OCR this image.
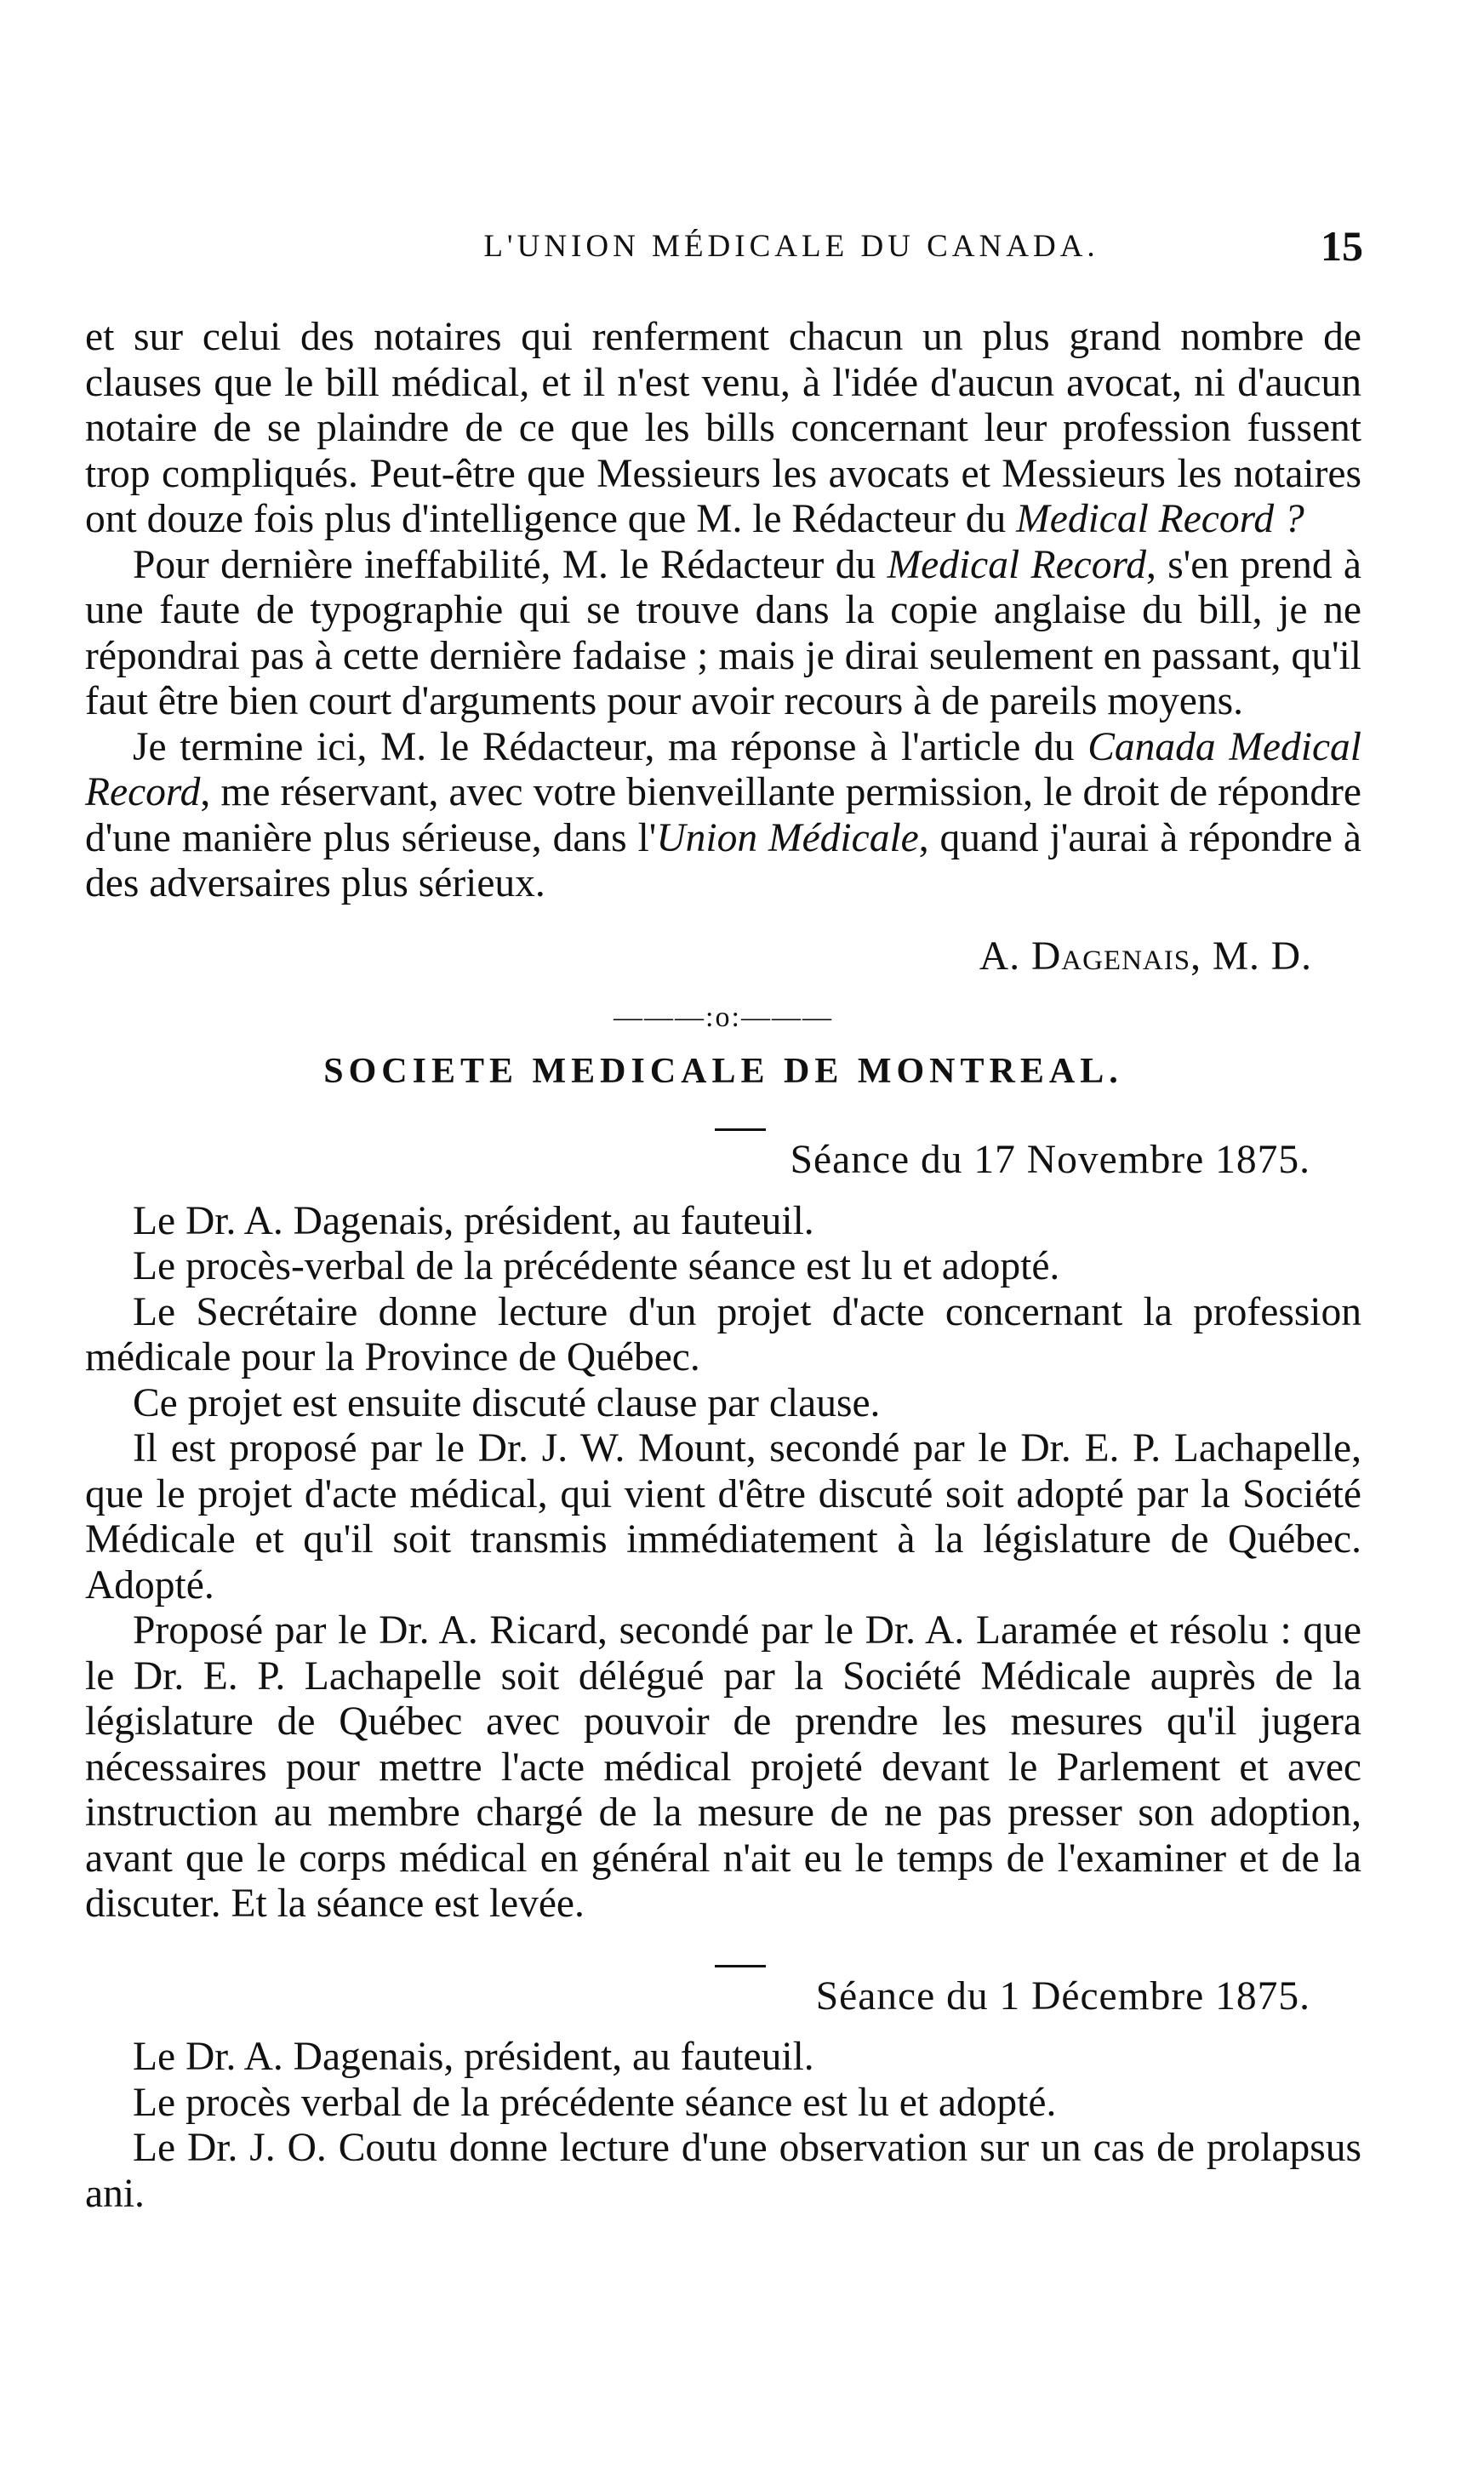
L'UNION MÉDICALE DU CANADA.	15

et sur celui des notaires qui renferment chacun un plus grand nombre de clauses que le bill médical, et il n'est venu, à l'idée d'aucun avocat, ni d'aucun notaire de se plaindre de ce que les bills concernant leur profession fussent trop compliqués. Peut-être que Messieurs les avocats et Messieurs les notaires ont douze fois plus d'intelligence que M. le Rédacteur du Medical Record ?

Pour dernière ineffabilité, M. le Rédacteur du Medical Record, s'en prend à une faute de typographie qui se trouve dans la copie anglaise du bill, je ne répondrai pas à cette dernière fadaise ; mais je dirai seulement en passant, qu'il faut être bien court d'arguments pour avoir recours à de pareils moyens.

Je termine ici, M. le Rédacteur, ma réponse à l'article du Canada Medical Record, me réservant, avec votre bienveillante permission, le droit de répondre d'une manière plus sérieuse, dans l'Union Médicale, quand j'aurai à répondre à des adversaires plus sérieux.

A. Dagenais, M. D.
———:o:———
SOCIETE MEDICALE DE MONTREAL.
Séance du 17 Novembre 1875.

Le Dr. A. Dagenais, président, au fauteuil.

Le procès-verbal de la précédente séance est lu et adopté.

Le Secrétaire donne lecture d'un projet d'acte concernant la profession médicale pour la Province de Québec.

Ce projet est ensuite discuté clause par clause.

Il est proposé par le Dr. J. W. Mount, secondé par le Dr. E. P. Lachapelle, que le projet d'acte médical, qui vient d'être discuté soit adopté par la Société Médicale et qu'il soit transmis immédiatement à la législature de Québec. Adopté.

Proposé par le Dr. A. Ricard, secondé par le Dr. A. Laramée et résolu : que le Dr. E. P. Lachapelle soit délégué par la Société Médicale auprès de la législature de Québec avec pouvoir de prendre les mesures qu'il jugera nécessaires pour mettre l'acte médical projeté devant le Parlement et avec instruction au membre chargé de la mesure de ne pas presser son adoption, avant que le corps médical en général n'ait eu le temps de l'examiner et de la discuter. Et la séance est levée.

Séance du 1 Décembre 1875.

Le Dr. A. Dagenais, président, au fauteuil.

Le procès verbal de la précédente séance est lu et adopté.

Le Dr. J. O. Coutu donne lecture d'une observation sur un cas de prolapsus ani.
